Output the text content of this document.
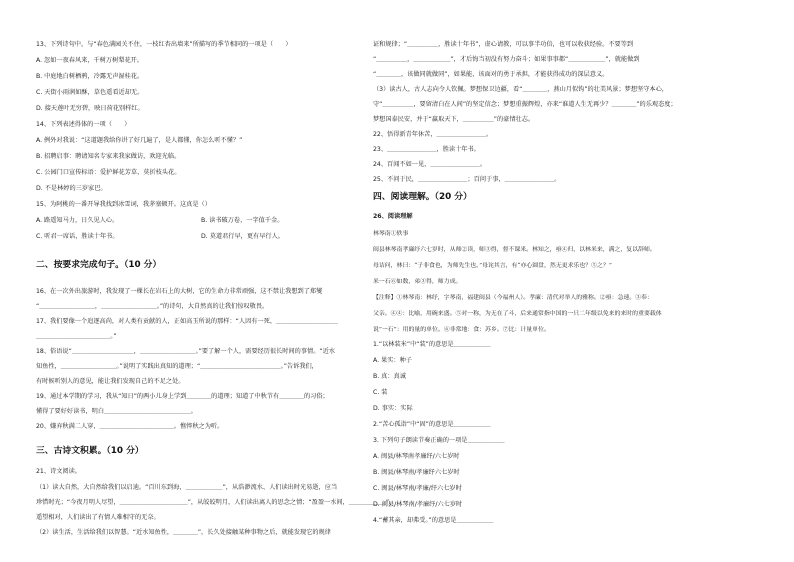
13、下列诗句中，与“春色满园关不住，一枝红杏出墙来”所描写的季节相同的一项是（　　）
A. 忽如一夜春风来，千树万树梨花开。
B. 中庭地白树栖鸦，冷露无声湿桂花。
C. 天街小雨润如酥，草色遥看近却无。
D. 接天莲叶无穷碧，映日荷花别样红。
14、下列表述得体的一项（　　）
A. 例外对我说：“这道题我给你讲了好几遍了，是人都懂，你怎么听不懂？”
B. 招聘启事：聘请知名专家来我家做访，欢迎光临。
C. 公园门口宣传标语：爱护鲜花芳草，莫折枝头花。
D. 不是林婷的三岁家巴。
15、为阿桃的一番开导我找到冰雪词，我茅塞顿开。这真是（）
A. 路遥知马力，日久见人心。	B. 读书破万卷，一字值千金。
C. 听君一席话，胜读十年书。	D. 莫道君行早，更有早行人。
二、按要求完成句子。（10 分）
16、在一次外出旅游时，我发现了一棵长在岩石上的大树，它的生命力非常顽强，这不禁让我想到了郑燮
“＿＿＿＿＿＿＿＿＿，＿＿＿＿＿＿＿＿＿。”的诗句，大自然真的让我们惊叹敬畏。
17、我们要像一个追逐高尚，对人类有贡献的人，正如高玉所说的那样：“人因有一死，＿＿＿＿＿＿＿＿＿＿
＿＿＿＿＿＿＿＿＿＿＿＿。”
18、俗语说“＿＿＿＿＿＿＿＿＿＿，＿＿＿＿＿＿＿＿＿。”要了解一个人，需要经历很长时间的事情。“近水
知鱼性，＿＿＿＿＿＿＿＿＿。”说明了实践出真知的道理；“＿＿＿＿＿＿＿＿＿＿＿＿＿。”告诉我们，
有时候听别人的意见，能让我们发现自己的不足之处。
19、通过本学期的学习，我从“知日”的两小儿身上学到＿＿＿＿的道理；知道了中秋节有＿＿＿＿的习俗；
懂得了要好好读书，明白＿＿＿＿＿＿＿＿＿＿＿＿＿＿。
20、嫌弃秋满二人穿，＿＿＿＿＿＿＿＿＿＿＿＿。憔悴秋之为听。
三、古诗文积累。（10 分）
21、诗文阅读。
（1）读大自然，大自然给我们以启迪。“百川东到海，＿＿＿＿＿＿”，从浩渺流水、人们读出时光易逝，应当
珍惜时光；“今夜月明人尽望，＿＿＿＿＿＿＿＿＿＿＿”，从皎皎明月，人们读出离人的思念之情；“盈盈一水间，＿＿＿＿＿＿”，
遥望相对，人们读出了有情人难相守的无奈。
（2）读生活，生活给我们以智慧。“近水知鱼性，＿＿＿＿”，长久处接触某种事物之后，就能发现它的规律
证和规律；“＿＿＿＿＿，胜读十年书”，虚心请教，可以事半功倍，也可以收获经验。不要等到
“＿＿＿＿＿，＿＿＿＿＿＿”，才后悔当初没有努力奋斗；如果事事都“＿＿＿＿＿＿”，就能做到
“＿＿＿＿，该做同就做同”，如果能，该面对的勇于承担，才能获得成功的深层意义。
（3）读古人，古人志向令人钦佩。梦想保卫边疆，看“＿＿＿＿，燕山月似钩”的壮美风景；梦想坚守本心，
守“＿＿＿＿＿，要留清白在人间”的坚定信念；梦想重振辉煌，亦来“谁道人生无再少？＿＿＿＿”的乐观态度；
梦想国泰民安，并于“赢取天下，＿＿＿＿＿”的豪情壮志。
22、悟得新青年休苦，＿＿＿＿＿＿＿＿。
23、＿＿＿＿＿＿＿＿，胜读十年书。
24、百闻不如一见，＿＿＿＿＿＿＿＿。
25、不问于民，＿＿＿＿＿＿＿＿；百问于事，＿＿＿＿＿＿＿＿。
四、阅读理解。（20 分）
26、阅读理解
林琴南①轶事
闽县林琴南孝廉纾六七岁时，从师②读，师③得，督不课米。林知之，亟④归，以林米来，满之，复以辞师。
母诘问，林曰：“子非食也，为师先生也。”母诧其言，有“亦心圆盘，然无更求乐也？⑤之？”
米一石⑥如数，弟③得，师力成。
【注释】①林琴南：林纾，字琴南，福建闽县（今福州人）。孝廉：清代对举人的雅称。②亟：急速。③奉：
父亲。④④：比喻，用碗来盛。⑤对一称，为无在了斗，后来通常指中国的一只二年级以免来的来时的重要载体
说”一石”：用的量的单位。⑥非常地：食：苏乡。⑦比：计量单位。
1.“以林装米”中“装”的意思是＿＿＿＿＿＿
A. 果实：种子
B. 真：真诚
C. 装
D. 事实：实际
2.“苦心孤诣”中“固”的意思是＿＿＿＿＿＿
3. 下列句子朗读节奏正确的一项是＿＿＿＿＿＿
A. 闽县/林琴南孝廉纾/六七岁时
B. 闽县/林琴南/孝廉纾六七岁时
C. 闽县/林琴南/孝廉/纾六七岁时
D. 闽县/林琴南/孝廉纾/六七岁时
4.“蓄其亲，却弗受。”的意思是＿＿＿＿＿＿
